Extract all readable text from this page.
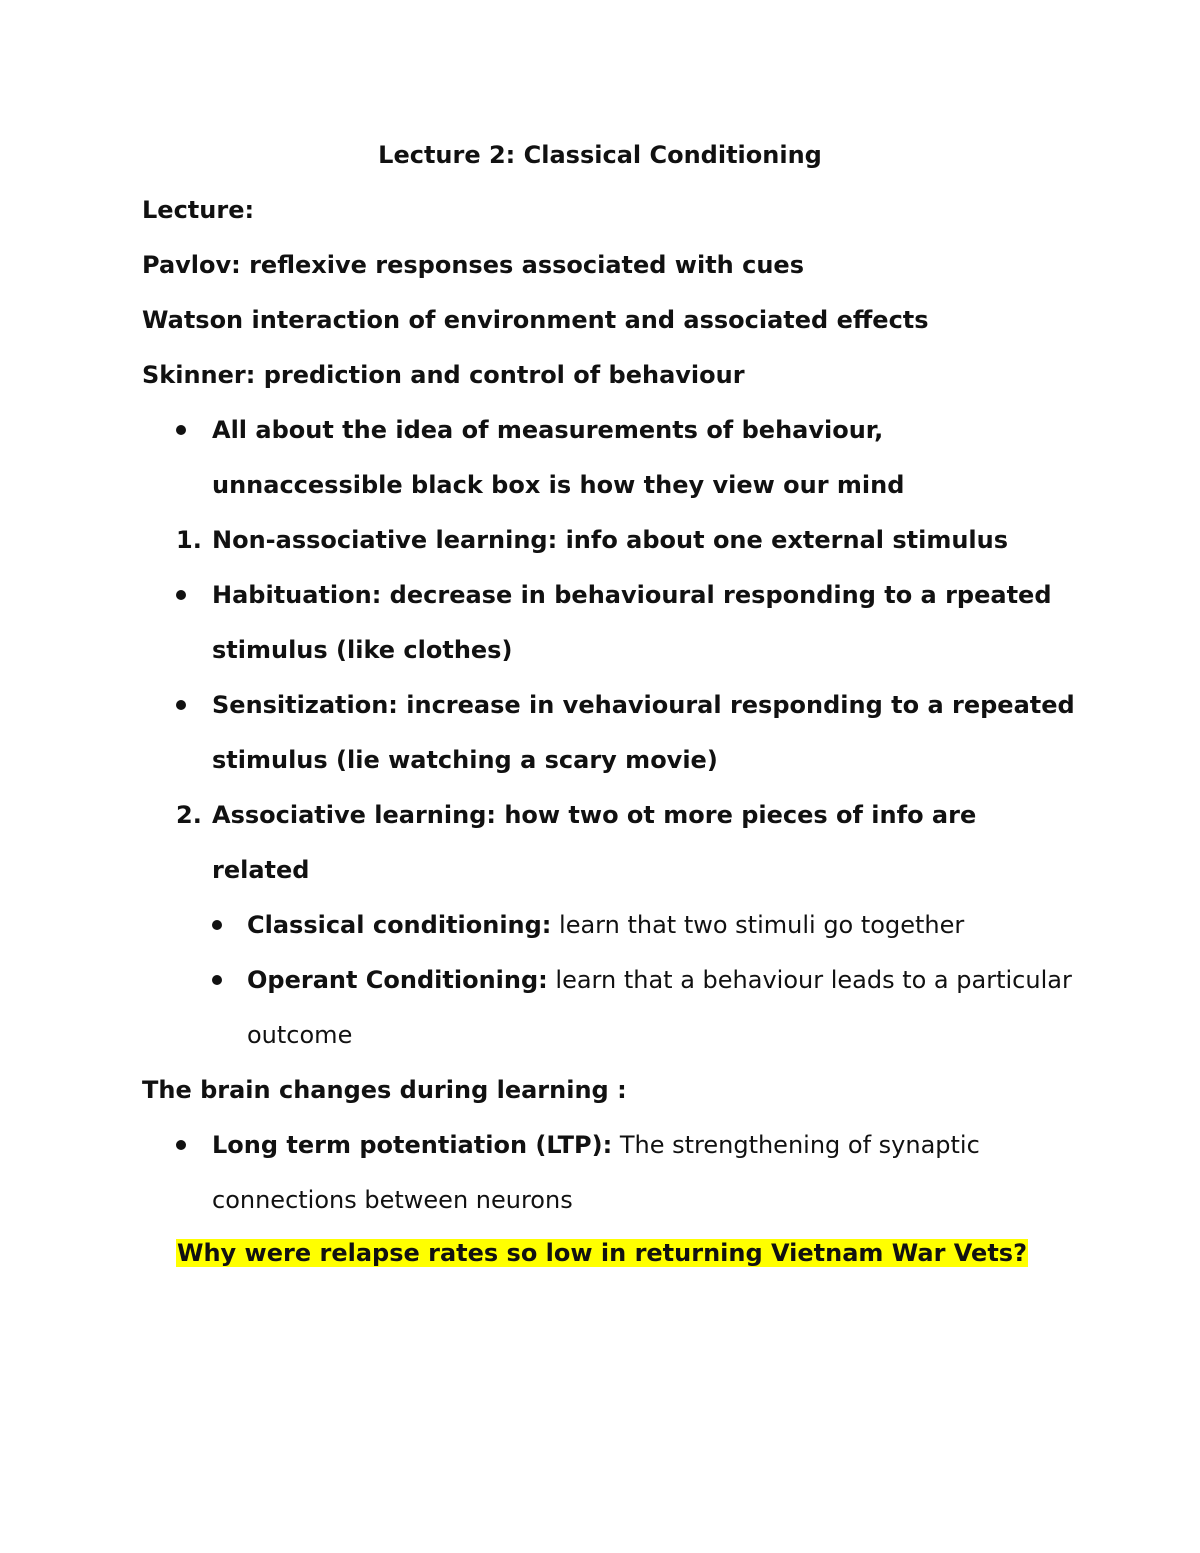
Lecture 2: Classical Conditioning
Lecture:
Pavlov: reflexive responses associated with cues
Watson interaction of environment and associated effects
Skinner: prediction and control of behaviour
All about the idea of measurements of behaviour,
unnaccessible black box is how they view our mind
1. Non-associative learning: info about one external stimulus
Habituation: decrease in behavioural responding to a rpeated
stimulus (like clothes)
Sensitization: increase in vehavioural responding to a repeated
stimulus (lie watching a scary movie)
2. Associative learning: how two ot more pieces of info are
related
Classical conditioning: learn that two stimuli go together
Operant Conditioning: learn that a behaviour leads to a particular
outcome
The brain changes during learning :
Long term potentiation (LTP): The strengthening of synaptic
connections between neurons
Why were relapse rates so low in returning Vietnam War Vets?
